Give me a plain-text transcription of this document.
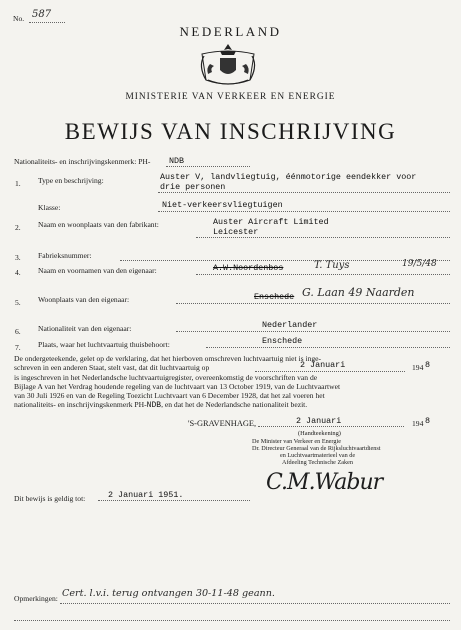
No. 587
NEDERLAND
MINISTERIE VAN VERKEER EN ENERGIE
BEWIJS VAN INSCHRIJVING
Nationaliteits- en inschrijvingskenmerk: PH- NDB
1. Type en beschrijving:	Auster V, landvliegtuig, éénmotorige eendekker voor
drie personen
Klasse:	Niet-verkeersvliegtuigen
2. Naam en woonplaats van den fabrikant:	Auster Aircraft Limited
Leicester
3. Fabrieksnummer:
4. Naam en voornamen van den eigenaar:	A.W.Noordenbos	T. Tuys	19/5/48
5. Woonplaats van den eigenaar:	Enschede G. Laan 49 Naarden
6. Nationaliteit van den eigenaar:	Nederlander
7. Plaats, waar het luchtvaartuig thuisbehoort:	Enschede
De ondergeteekende, gelet op de verklaring, dat het hierboven omschreven luchtvaartuig niet is inge-
schreven in een anderen Staat, stelt vast, dat dit luchtvaartuig op	2 Januari	194 8
is ingeschreven in het Nederlandsche luchtvaartuigregister, overeenkomstig de voorschriften van de
Bijlage A van het Verdrag houdende regeling van de luchtvaart van 13 October 1919, van de Luchtvaartwet
van 30 Juli 1926 en van de Regeling Toezicht Luchtvaart van 6 December 1928, dat het zal voeren het
nationaliteits- en inschrijvingskenmerk PH-NDB, en dat het de Nederlandsche nationaliteit bezit.
'S-GRAVENHAGE,	2 Januari	194 8
(Handteekening)
De Minister van Verkeer en Energie
Dr. Directeur Generaal van de Rijksluchtvaartdienst
en Luchtvaartmaterieel van de
Afdeeling Technische Zaken
C.M.Wabur
Dit bewijs is geldig tot:	2 Januari 1951.
Opmerkingen: Cert. l.v.i. terug ontvangen 30-11-48 geann.
